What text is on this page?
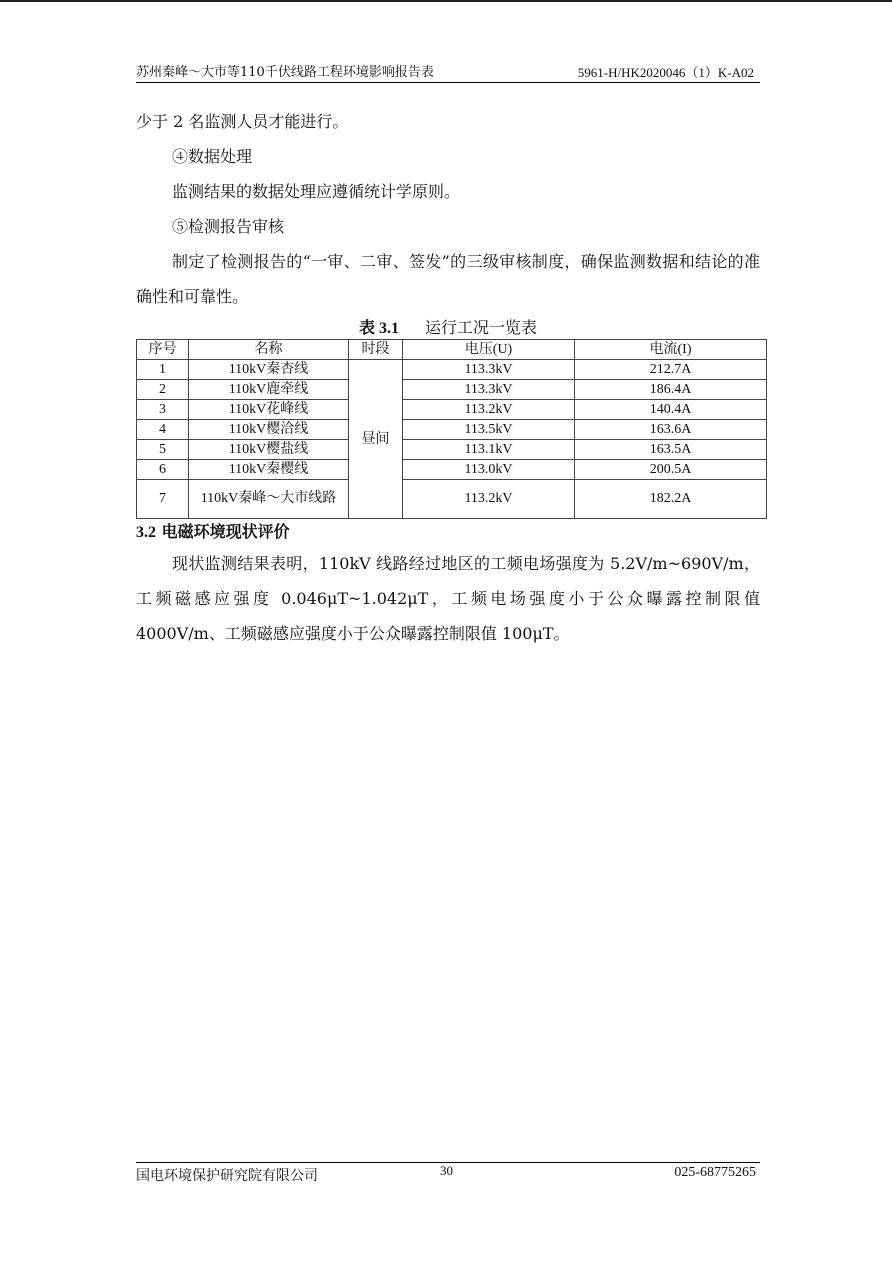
苏州秦峰～大市等110千伏线路工程环境影响报告表	5961-H/HK2020046（1）K-A02

少于 2 名监测人员才能进行。

④数据处理

监测结果的数据处理应遵循统计学原则。

⑤检测报告审核

制定了检测报告的“一审、二审、签发”的三级审核制度，确保监测数据和结论的准确性和可靠性。

表 3.1 运行工况一览表
序号	名称	时段	电压(U)	电流(I)
1	110kV秦杏线	昼间	113.3kV	212.7A
2	110kV鹿牵线		113.3kV	186.4A
3	110kV花峰线		113.2kV	140.4A
4	110kV樱洽线		113.5kV	163.6A
5	110kV樱盐线		113.1kV	163.5A
6	110kV秦樱线		113.0kV	200.5A
7	110kV秦峰～大市线路		113.2kV	182.2A
3.2 电磁环境现状评价

现状监测结果表明，110kV 线路经过地区的工频电场强度为 5.2V/m~690V/m，工频磁感应强度 0.046μT~1.042μT，工频电场强度小于公众曝露控制限值 4000V/m、工频磁感应强度小于公众曝露控制限值 100μT。

国电环境保护研究院有限公司	30	025-68775265
